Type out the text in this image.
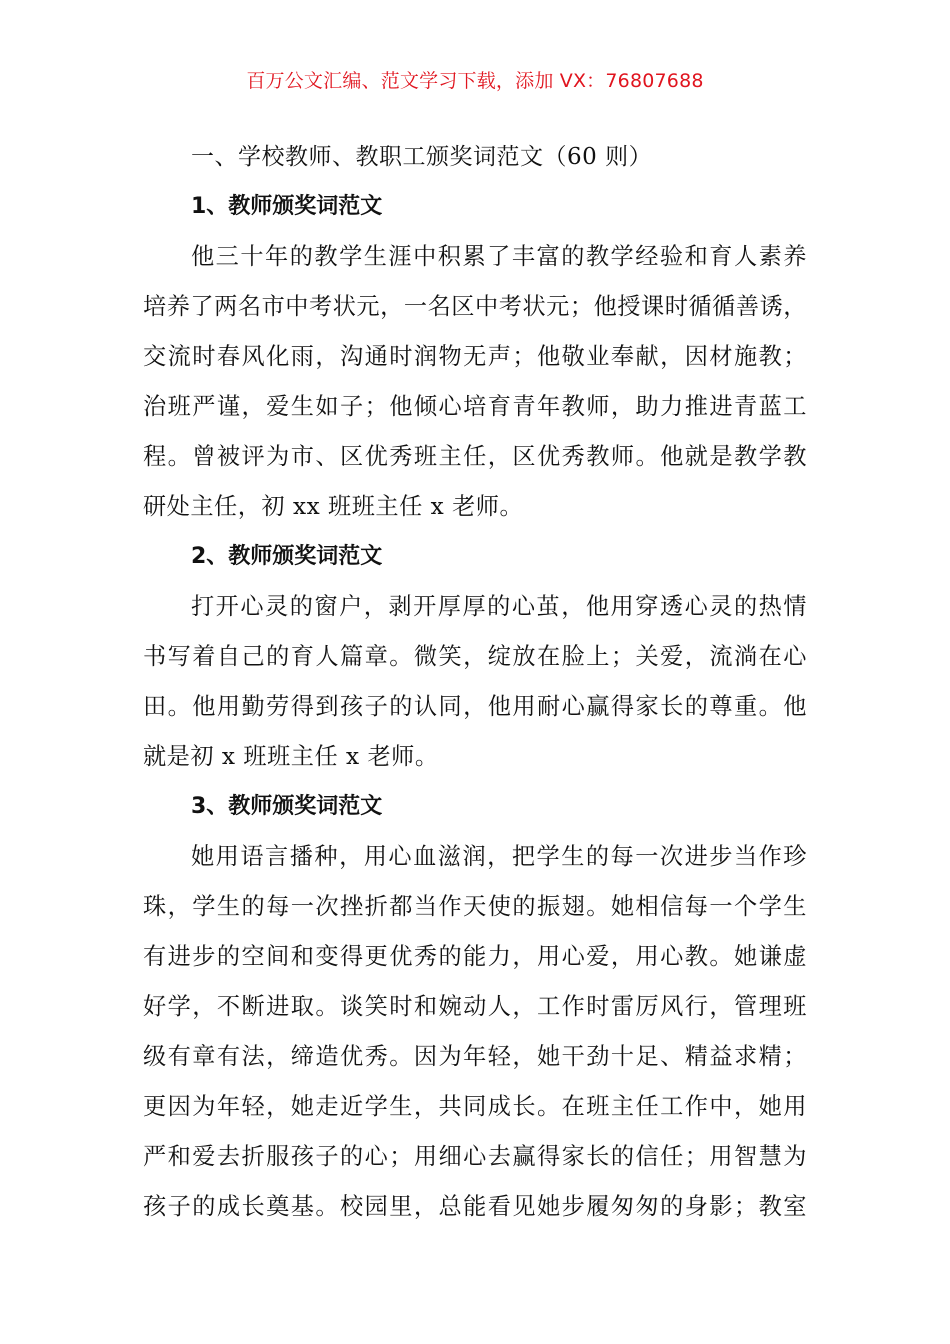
百万公文汇编、范文学习下载，添加 VX：76807688
一、学校教师、教职工颁奖词范文（60 则）
1、教师颁奖词范文
他三十年的教学生涯中积累了丰富的教学经验和育人素养
培养了两名市中考状元，一名区中考状元；他授课时循循善诱，
交流时春风化雨，沟通时润物无声；他敬业奉献，因材施教；
治班严谨，爱生如子；他倾心培育青年教师，助力推进青蓝工
程。曾被评为市、区优秀班主任，区优秀教师。他就是教学教
研处主任，初 xx 班班主任 x 老师。
2、教师颁奖词范文
打开心灵的窗户，剥开厚厚的心茧，他用穿透心灵的热情
书写着自己的育人篇章。微笑，绽放在脸上；关爱，流淌在心
田。他用勤劳得到孩子的认同，他用耐心赢得家长的尊重。他
就是初 x 班班主任 x 老师。
3、教师颁奖词范文
她用语言播种，用心血滋润，把学生的每一次进步当作珍
珠，学生的每一次挫折都当作天使的振翅。她相信每一个学生
有进步的空间和变得更优秀的能力，用心爱，用心教。她谦虚
好学，不断进取。谈笑时和婉动人，工作时雷厉风行，管理班
级有章有法，缔造优秀。因为年轻，她干劲十足、精益求精；
更因为年轻，她走近学生，共同成长。在班主任工作中，她用
严和爱去折服孩子的心；用细心去赢得家长的信任；用智慧为
孩子的成长奠基。校园里，总能看见她步履匆匆的身影；教室
